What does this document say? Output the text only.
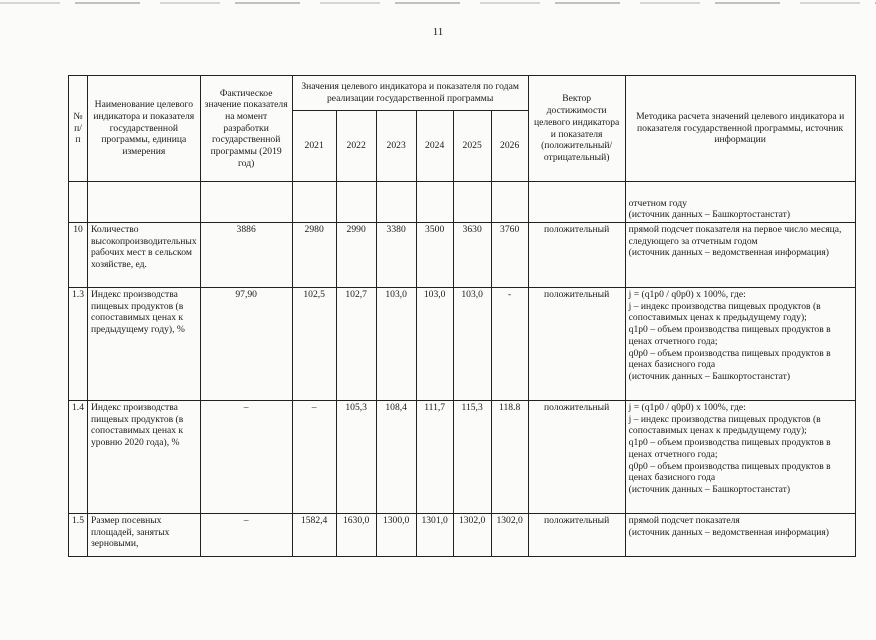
11
№ п/п	Наименование целевого индикатора и показателя государственной программы, единица измерения	Фактическое значение показателя на момент разработки государственной программы (2019 год)	Значения целевого индикатора и показателя по годам реализации государственной программы						Вектор достижимости целевого индикатора и показателя (положительный/ отрицательный)	Методика расчета значений целевого индикатора и показателя государственной программы, источник информации
			2021	2022	2023	2024	2025	2026		
										отчетном году
(источник данных – Башкортостанстат)
10	Количество высокопроизводительных рабочих мест в сельском хозяйстве, ед.	3886	2980	2990	3380	3500	3630	3760	положительный	прямой подсчет показателя на первое число месяца, следующего за отчетным годом
(источник данных – ведомственная информация)
1.3	Индекс производства пищевых продуктов (в сопоставимых ценах к предыдущему году), %	97,90	102,5	102,7	103,0	103,0	103,0	-	положительный	j = (q1p0 / q0p0) x 100%, где:
j – индекс производства пищевых продуктов (в сопоставимых ценах к предыдущему году);
q1p0 – объем производства пищевых продуктов в ценах отчетного года;
q0p0 – объем производства пищевых продуктов в ценах базисного года
(источник данных – Башкортостанстат)
1.4	Индекс производства пищевых продуктов (в сопоставимых ценах к уровню 2020 года), %	–	–	105,3	108,4	111,7	115,3	118.8	положительный	j = (q1p0 / q0p0) x 100%, где:
j – индекс производства пищевых продуктов (в сопоставимых ценах к предыдущему году);
q1p0 – объем производства пищевых продуктов в ценах отчетного года;
q0p0 – объем производства пищевых продуктов в ценах базисного года
(источник данных – Башкортостанстат)
1.5	Размер посевных площадей, занятых зерновыми,	–	1582,4	1630,0	1300,0	1301,0	1302,0	1302,0	положительный	прямой подсчет показателя
(источник данных – ведомственная информация)
